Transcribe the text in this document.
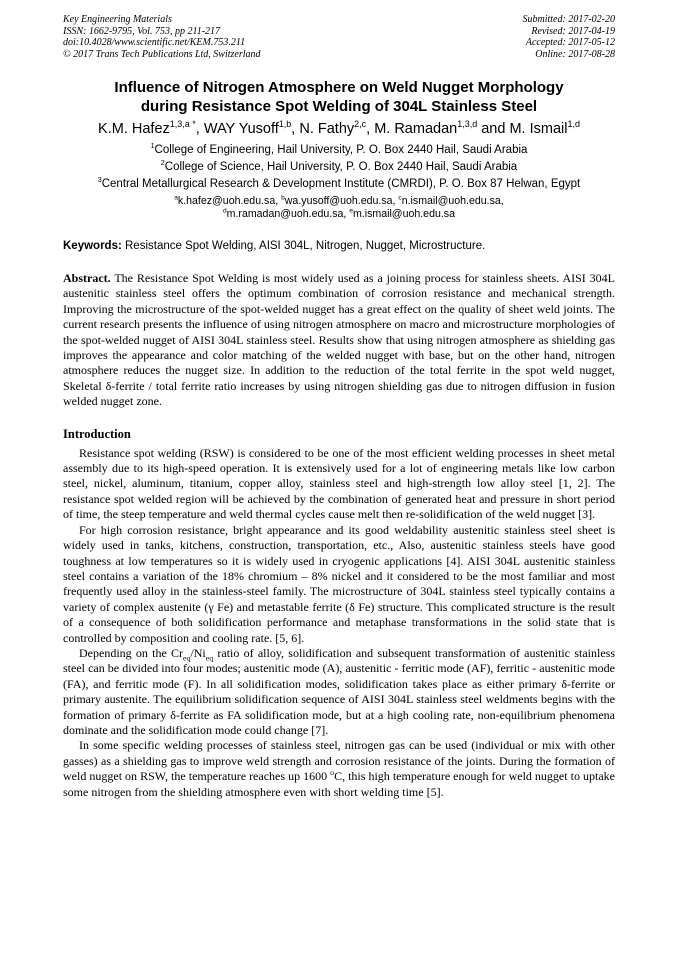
Key Engineering Materials
ISSN: 1662-9795, Vol. 753, pp 211-217
doi:10.4028/www.scientific.net/KEM.753.211
© 2017 Trans Tech Publications Ltd, Switzerland
Submitted: 2017-02-20
Revised: 2017-04-19
Accepted: 2017-05-12
Online: 2017-08-28
Influence of Nitrogen Atmosphere on Weld Nugget Morphology
during Resistance Spot Welding of 304L Stainless Steel
K.M. Hafez$^{1,3,a *}$, WAY Yusoff$^{1,b}$, N. Fathy$^{2,c}$, M. Ramadan$^{1,3,d}$ and M. Ismail$^{1,d}$
$^1$College of Engineering, Hail University, P. O. Box 2440 Hail, Saudi Arabia
$^2$College of Science, Hail University, P. O. Box 2440 Hail, Saudi Arabia
$^3$Central Metallurgical Research & Development Institute (CMRDI), P. O. Box 87 Helwan, Egypt
$^a$k.hafez@uoh.edu.sa, $^b$wa.yusoff@uoh.edu.sa, $^c$n.ismail@uoh.edu.sa,
$^d$m.ramadan@uoh.edu.sa, $^e$m.ismail@uoh.edu.sa
Keywords: Resistance Spot Welding, AISI 304L, Nitrogen, Nugget, Microstructure.
Abstract. The Resistance Spot Welding is most widely used as a joining process for stainless sheets. AISI 304L austenitic stainless steel offers the optimum combination of corrosion resistance and mechanical strength. Improving the microstructure of the spot-welded nugget has a great effect on the quality of sheet weld joints. The current research presents the influence of using nitrogen atmosphere on macro and microstructure morphologies of the spot-welded nugget of AISI 304L stainless steel. Results show that using nitrogen atmosphere as shielding gas improves the appearance and color matching of the welded nugget with base, but on the other hand, nitrogen atmosphere reduces the nugget size. In addition to the reduction of the total ferrite in the spot weld nugget, Skeletal δ-ferrite / total ferrite ratio increases by using nitrogen shielding gas due to nitrogen diffusion in fusion welded nugget zone.
Introduction
Resistance spot welding (RSW) is considered to be one of the most efficient welding processes in sheet metal assembly due to its high-speed operation. It is extensively used for a lot of engineering metals like low carbon steel, nickel, aluminum, titanium, copper alloy, stainless steel and high-strength low alloy steel [1, 2]. The resistance spot welded region will be achieved by the combination of generated heat and pressure in short period of time, the steep temperature and weld thermal cycles cause melt then re-solidification of the weld nugget [3].
For high corrosion resistance, bright appearance and its good weldability austenitic stainless steel sheet is widely used in tanks, kitchens, construction, transportation, etc., Also, austenitic stainless steels have good toughness at low temperatures so it is widely used in cryogenic applications [4]. AISI 304L austenitic stainless steel contains a variation of the 18% chromium – 8% nickel and it considered to be the most familiar and most frequently used alloy in the stainless-steel family. The microstructure of 304L stainless steel typically contains a variety of complex austenite (γ Fe) and metastable ferrite (δ Fe) structure. This complicated structure is the result of a consequence of both solidification performance and metaphase transformations in the solid state that is controlled by composition and cooling rate. [5, 6].
Depending on the $Cr_{eq}/Ni_{eq}$ ratio of alloy, solidification and subsequent transformation of austenitic stainless steel can be divided into four modes; austenitic mode (A), austenitic - ferritic mode (AF), ferritic - austenitic mode (FA), and ferritic mode (F). In all solidification modes, solidification takes place as either primary δ-ferrite or primary austenite. The equilibrium solidification sequence of AISI 304L stainless steel weldments begins with the formation of primary δ-ferrite as FA solidification mode, but at a high cooling rate, non-equilibrium phenomena dominate and the solidification mode could change [7].
In some specific welding processes of stainless steel, nitrogen gas can be used (individual or mix with other gasses) as a shielding gas to improve weld strength and corrosion resistance of the joints. During the formation of weld nugget on RSW, the temperature reaches up 1600 $^o$C, this high temperature enough for weld nugget to uptake some nitrogen from the shielding atmosphere even with short welding time [5].
